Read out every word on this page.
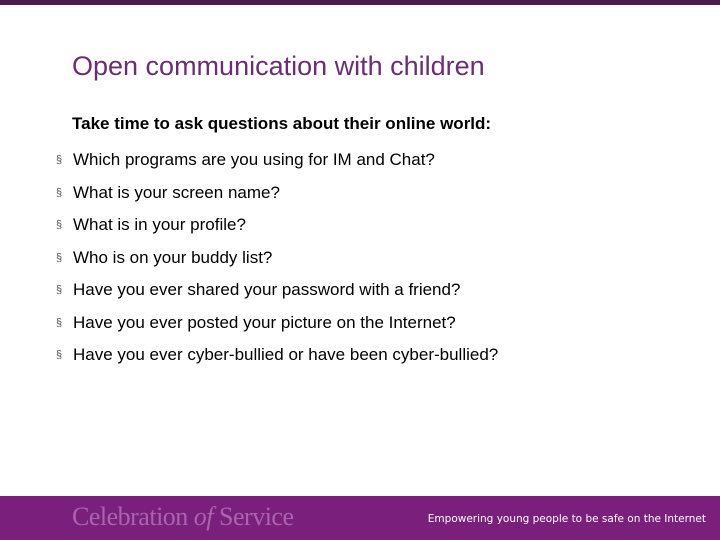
Open communication with children
Take time to ask questions about their online world:
§ Which programs are you using for IM and Chat?
§ What is your screen name?
§ What is in your profile?
§ Who is on your buddy list?
§ Have you ever shared your password with a friend?
§ Have you ever posted your picture on the Internet?
§ Have you ever cyber-bullied or have been cyber-bullied?
Celebration of Service	Empowering young people to be safe on the Internet
